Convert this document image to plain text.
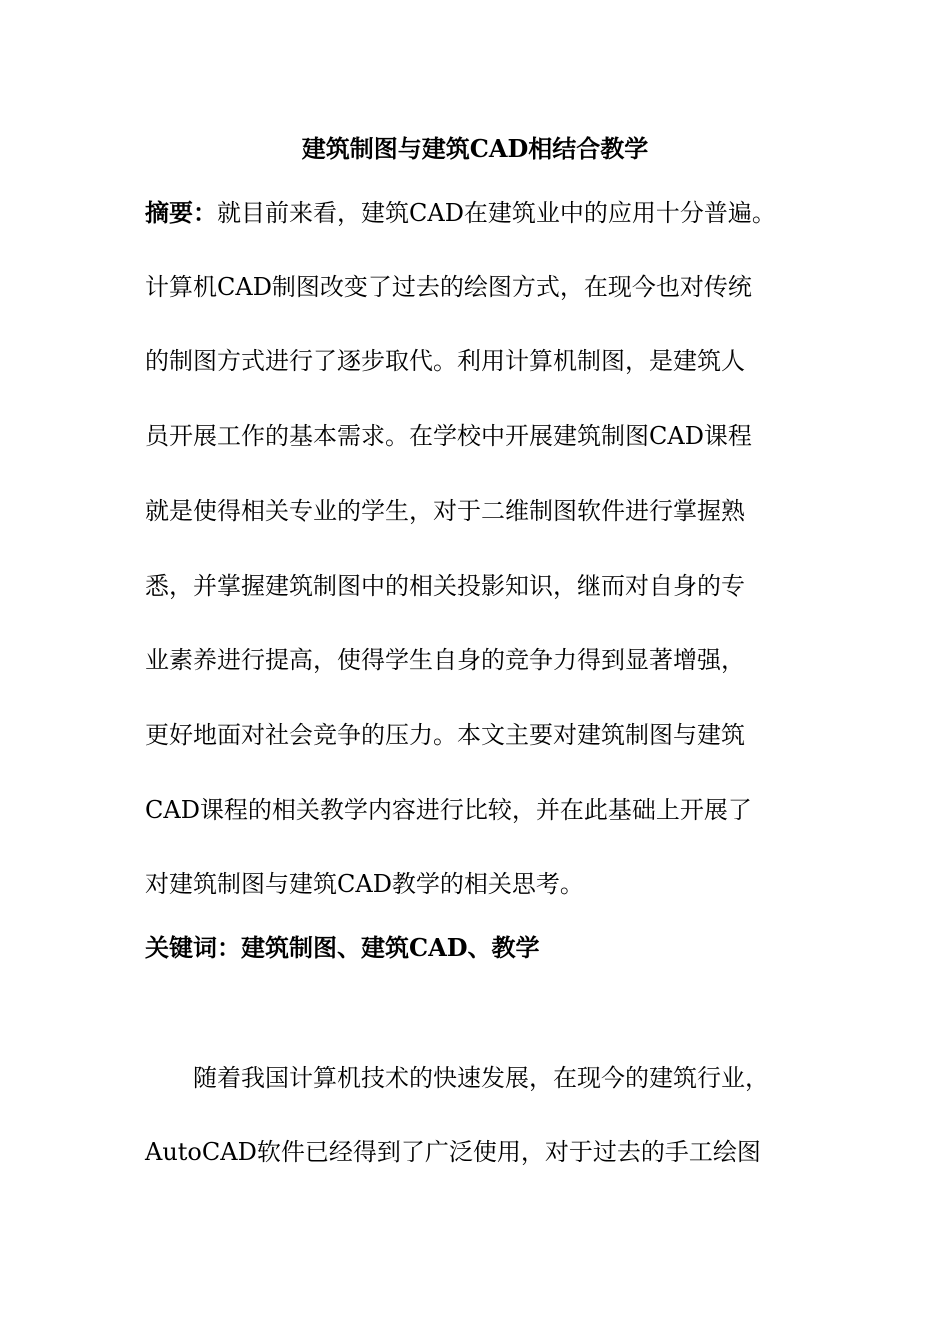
建筑制图与建筑CAD相结合教学
摘要：就目前来看，建筑CAD在建筑业中的应用十分普遍。
计算机CAD制图改变了过去的绘图方式，在现今也对传统
的制图方式进行了逐步取代。利用计算机制图，是建筑人
员开展工作的基本需求。在学校中开展建筑制图CAD课程
就是使得相关专业的学生，对于二维制图软件进行掌握熟
悉，并掌握建筑制图中的相关投影知识，继而对自身的专
业素养进行提高，使得学生自身的竞争力得到显著增强，
更好地面对社会竞争的压力。本文主要对建筑制图与建筑
CAD课程的相关教学内容进行比较，并在此基础上开展了
对建筑制图与建筑CAD教学的相关思考。
关键词：建筑制图、建筑CAD、教学
随着我国计算机技术的快速发展，在现今的建筑行业，
AutoCAD软件已经得到了广泛使用，对于过去的手工绘图
